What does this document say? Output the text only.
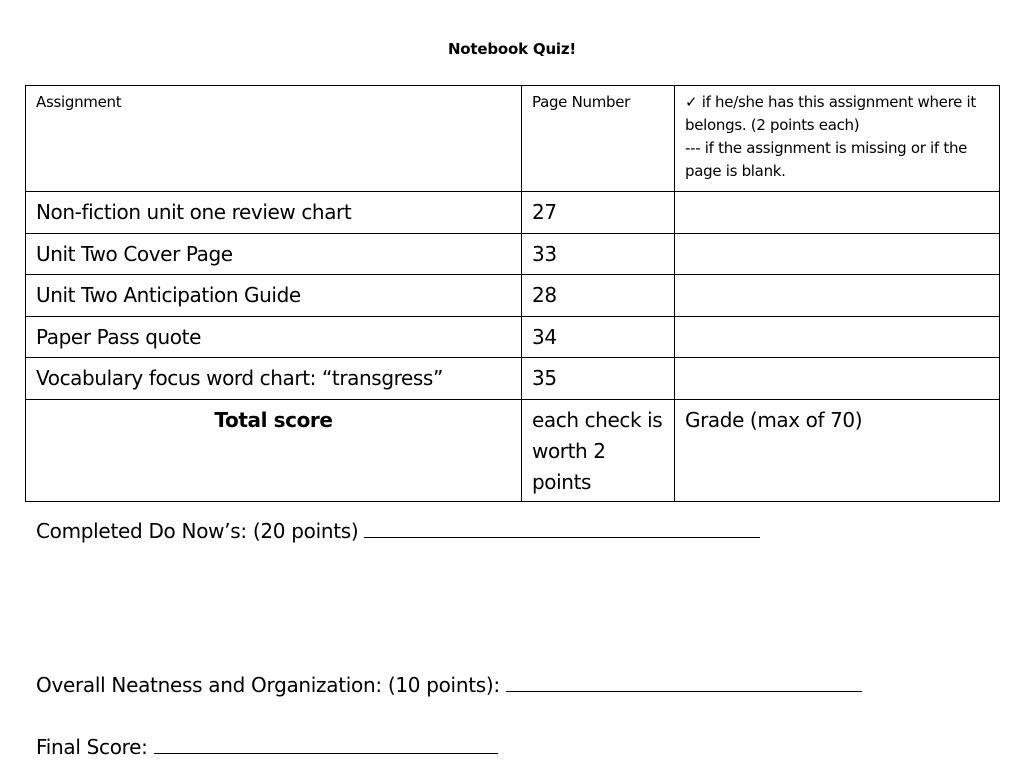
Notebook Quiz!
Assignment	Page Number	✓ if he/she has this assignment where it belongs. (2 points each)
--- if the assignment is missing or if the page is blank.

Non-fiction unit one review chart	27	
Unit Two Cover Page	33	
Unit Two Anticipation Guide	28	
Paper Pass quote	34	
Vocabulary focus word chart: “transgress”	35	
Total score	each check is worth 2 points	Grade (max of 70)
Completed Do Now’s: (20 points)
Overall Neatness and Organization: (10 points):
Final Score:
